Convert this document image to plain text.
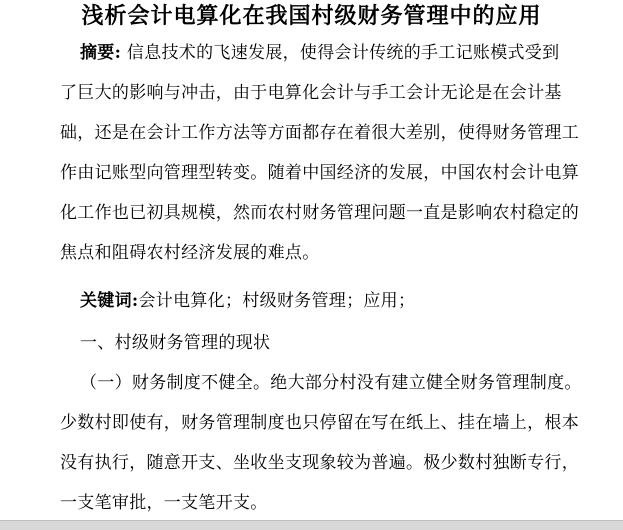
浅析会计电算化在我国村级财务管理中的应用
摘要: 信息技术的飞速发展，使得会计传统的手工记账模式受到
了巨大的影响与冲击，由于电算化会计与手工会计无论是在会计基
础，还是在会计工作方法等方面都存在着很大差别，使得财务管理工
作由记账型向管理型转变。随着中国经济的发展，中国农村会计电算
化工作也已初具规模，然而农村财务管理问题一直是影响农村稳定的
焦点和阻碍农村经济发展的难点。
关键词:会计电算化；村级财务管理；应用；
一、村级财务管理的现状
（一）财务制度不健全。绝大部分村没有建立健全财务管理制度。
少数村即使有，财务管理制度也只停留在写在纸上、挂在墙上，根本
没有执行，随意开支、坐收坐支现象较为普遍。极少数村独断专行，
一支笔审批，一支笔开支。
